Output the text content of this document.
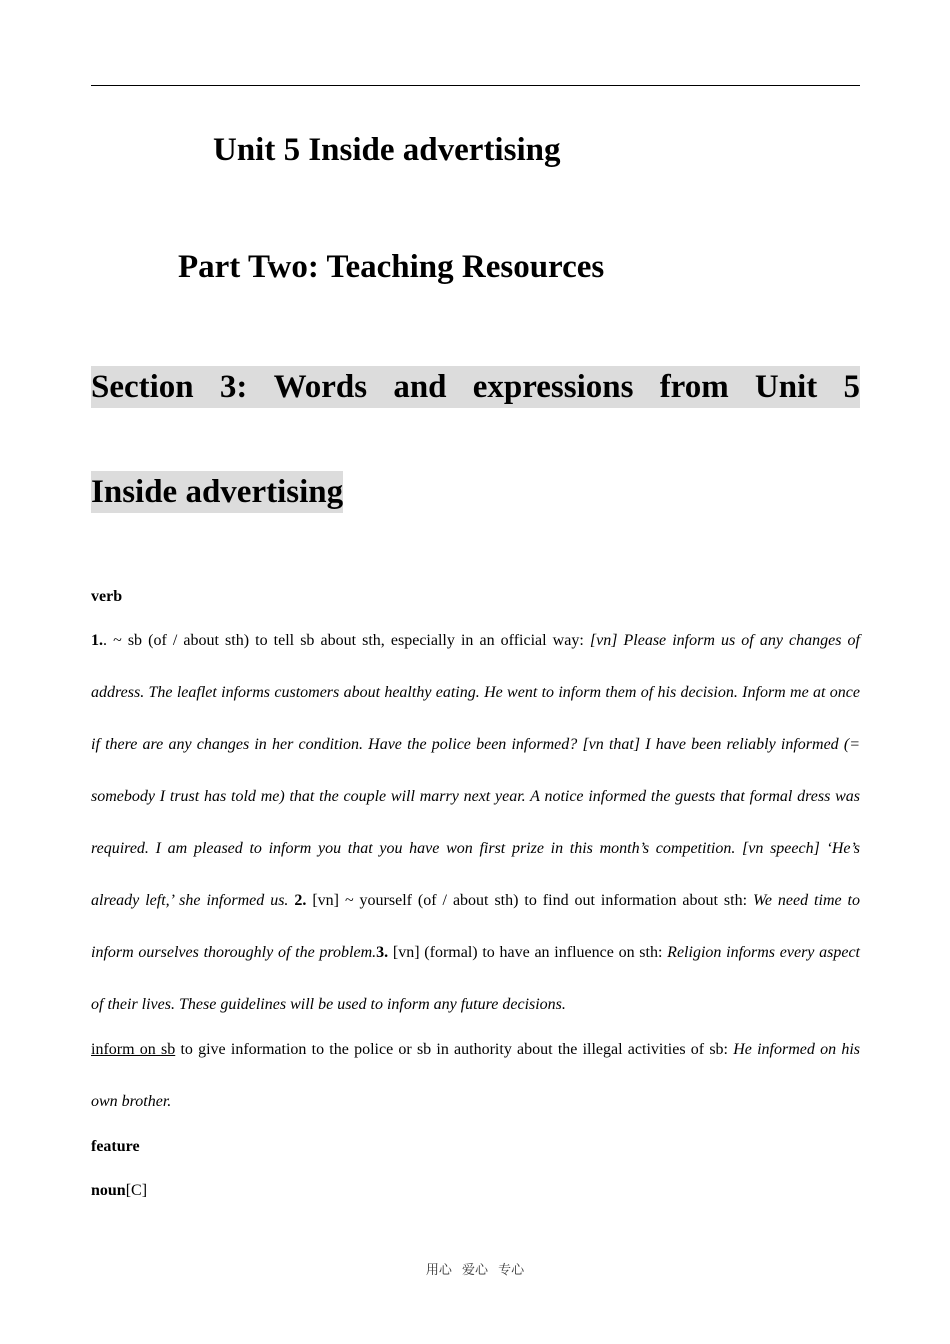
Unit 5 Inside advertising
Part Two: Teaching Resources
Section 3: Words and expressions from Unit 5
Inside advertising
verb
1.. ~ sb (of / about sth) to tell sb about sth, especially in an official way: [vn] Please inform us of any changes of address. The leaflet informs customers about healthy eating. He went to inform them of his decision. Inform me at once if there are any changes in her condition. Have the police been informed? [vn that] I have been reliably informed (= somebody I trust has told me) that the couple will marry next year. A notice informed the guests that formal dress was required. I am pleased to inform you that you have won first prize in this month’s competition. [vn speech] ‘He’s already left,’ she informed us. 2. [vn] ~ yourself (of / about sth) to find out information about sth: We need time to inform ourselves thoroughly of the problem.3. [vn] (formal) to have an influence on sth: Religion informs every aspect of their lives. These guidelines will be used to inform any future decisions.
inform on sb to give information to the police or sb in authority about the illegal activities of sb: He informed on his own brother.
feature
noun[C]
用心 爱心 专心
